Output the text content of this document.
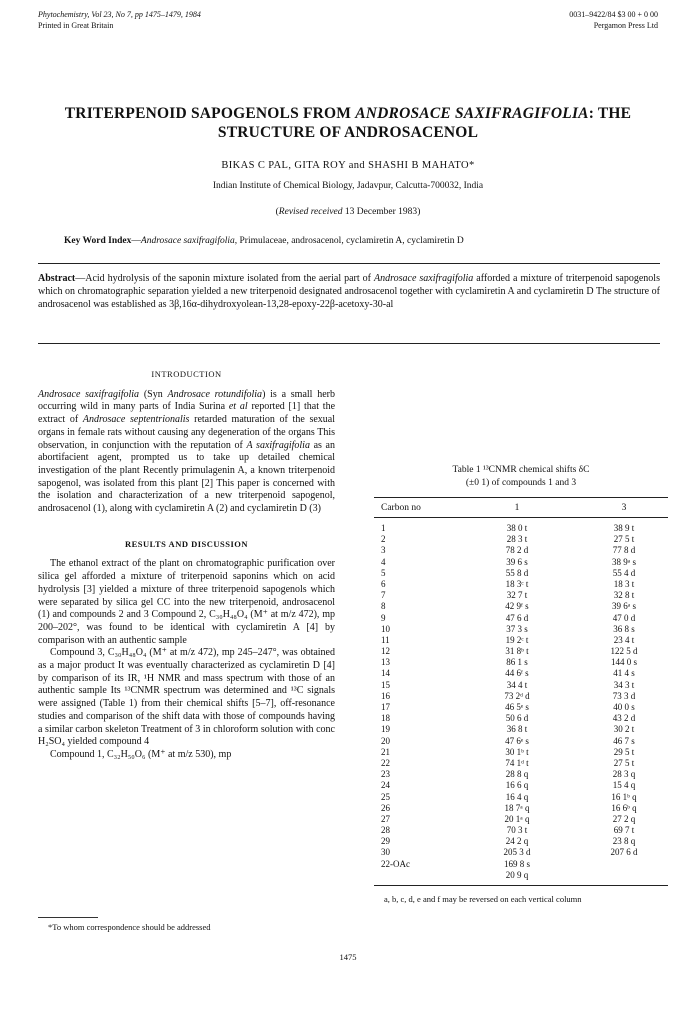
Phytochemistry, Vol 23, No 7, pp 1475–1479, 1984
Printed in Great Britain
0031–9422/84 $3 00 + 0 00
Pergamon Press Ltd
TRITERPENOID SAPOGENOLS FROM ANDROSACE SAXIFRAGIFOLIA: THE STRUCTURE OF ANDROSACENOL
BIKAS C PAL, GITA ROY and SHASHI B MAHATO*
Indian Institute of Chemical Biology, Jadavpur, Calcutta-700032, India
(Revised received 13 December 1983)
Key Word Index—Androsace saxifragifolia, Primulaceae, androsacenol, cyclamiretin A, cyclamiretin D

Abstract—Acid hydrolysis of the saponin mixture isolated from the aerial part of Androsace saxifragifolia afforded a mixture of triterpenoid sapogenols which on chromatographic separation yielded a new triterpenoid designated androsacenol together with cyclamiretin A and cyclamiretin D The structure of androsacenol was established as 3β,16α-dihydroxyolean-13,28-epoxy-22β-acetoxy-30-al

INTRODUCTION

Androsace saxifragifolia (Syn Androsace rotundifolia) is a small herb occurring wild in many parts of India Surina et al reported [1] that the extract of Androsace septentrionalis retarded maturation of the sexual organs in female rats without causing any degeneration of the organs This observation, in conjunction with the reputation of A saxifragifolia as an abortifacient agent, prompted us to take up detailed chemical investigation of the plant Recently primulagenin A, a known triterpenoid sapogenol, was isolated from this plant [2] This paper is concerned with the isolation and characterization of a new triterpenoid sapogenol, androsacenol (1), along with cyclamiretin A (2) and cyclamiretin D (3)

RESULTS AND DISCUSSION

The ethanol extract of the plant on chromatographic purification over silica gel afforded a mixture of triterpenoid saponins which on acid hydrolysis [3] yielded a mixture of three triterpenoid sapogenols which were separated by silica gel CC into the new triterpenoid, androsacenol (1) and compounds 2 and 3 Compound 2, C₃₀H₄₈O₄ (M⁺ at m/z 472), mp 200–202°, was found to be identical with cyclamiretin A [4] by comparison with an authentic sample

Compound 3, C₃₀H₄₈O₄ (M⁺ at m/z 472), mp 245–247°, was obtained as a major product It was eventually characterized as cyclamiretin D [4] by comparison of its IR, ¹H NMR and mass spectrum with those of an authentic sample Its ¹³CNMR spectrum was determined and ¹³C signals were assigned (Table 1) from their chemical shifts [5–7], off-resonance studies and comparison of the shift data with those of compounds having a similar carbon skeleton Treatment of 3 in chloroform solution with conc H₂SO₄ yielded compound 4

Compound 1, C₃₂H₅₀O₆ (M⁺ at m/z 530), mp

Table 1 ¹³CNMR chemical shifts δC
(±0 1) of compounds 1 and 3

Carbon no	1	3
1	38 0 t	38 9 t
2	28 3 t	27 5 t
3	78 2 d	77 8 d
4	39 6 s	38 9ᵃ s
5	55 8 d	55 4 d
6	18 3ᶜ t	18 3 t
7	32 7 t	32 8 t
8	42 9ᶠ s	39 6ᵃ s
9	47 6 d	47 0 d
10	37 3 s	36 8 s
11	19 2ᶜ t	23 4 t
12	31 8ᵇ t	122 5 d
13	86 1 s	144 0 s
14	44 6ᶠ s	41 4 s
15	34 4 t	34 3 t
16	73 2ᵈ d	73 3 d
17	46 5ᵉ s	40 0 s
18	50 6 d	43 2 d
19	36 8 t	30 2 t
20	47 6ᵉ s	46 7 s
21	30 1ᵇ t	29 5 t
22	74 1ᵈ t	27 5 t
23	28 8 q	28 3 q
24	16 6 q	15 4 q
25	16 4 q	16 1ᵇ q
26	18 7ᵃ q	16 6ᵇ q
27	20 1ᵃ q	27 2 q
28	70 3 t	69 7 t
29	24 2 q	23 8 q
30	205 3 d	207 6 d
22-OAc	169 8 s
20 9 q

a, b, c, d, e and f may be reversed on each vertical column

*To whom correspondence should be addressed
1475
